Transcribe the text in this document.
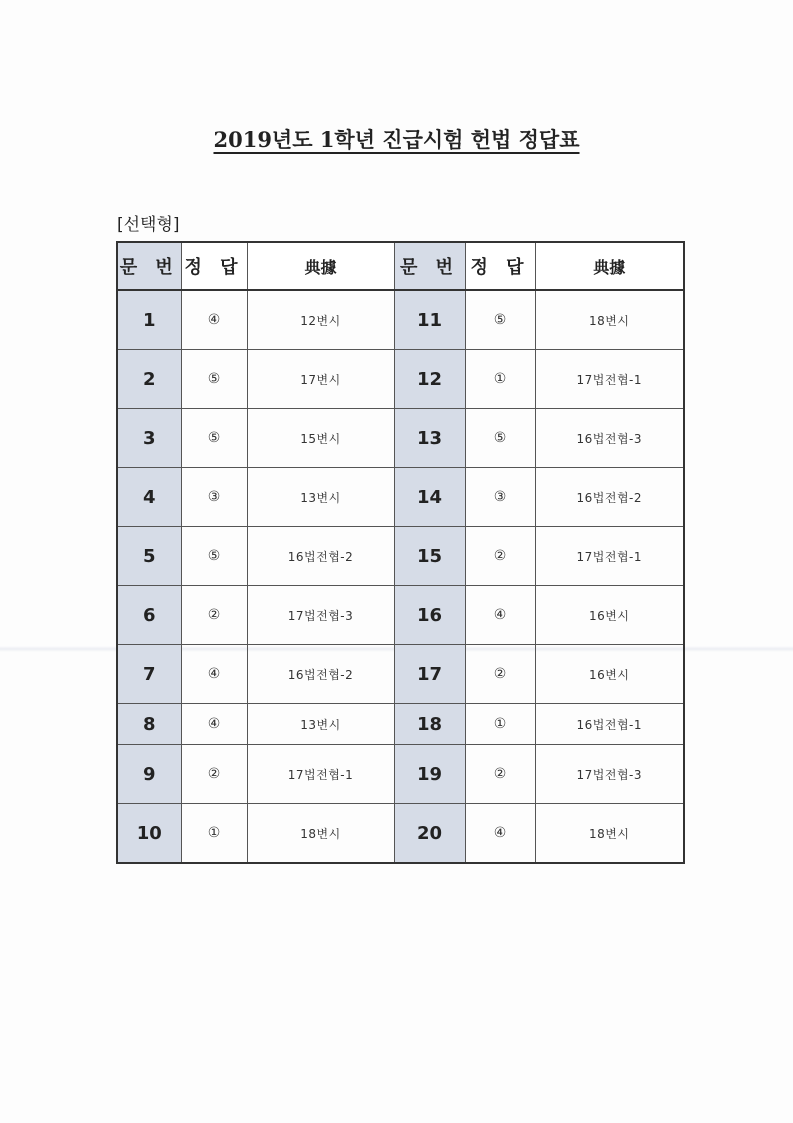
2019년도 1학년 진급시험 헌법 정답표
[선택형]
문 번	정 답	典據	문 번	정 답	典據
1	④	12변시	11	⑤	18변시
2	⑤	17변시	12	①	17법전협-1
3	⑤	15변시	13	⑤	16법전협-3
4	③	13변시	14	③	16법전협-2
5	⑤	16법전협-2	15	②	17법전협-1
6	②	17법전협-3	16	④	16변시
7	④	16법전협-2	17	②	16변시
8	④	13변시	18	①	16법전협-1
9	②	17법전협-1	19	②	17법전협-3
10	①	18변시	20	④	18변시
